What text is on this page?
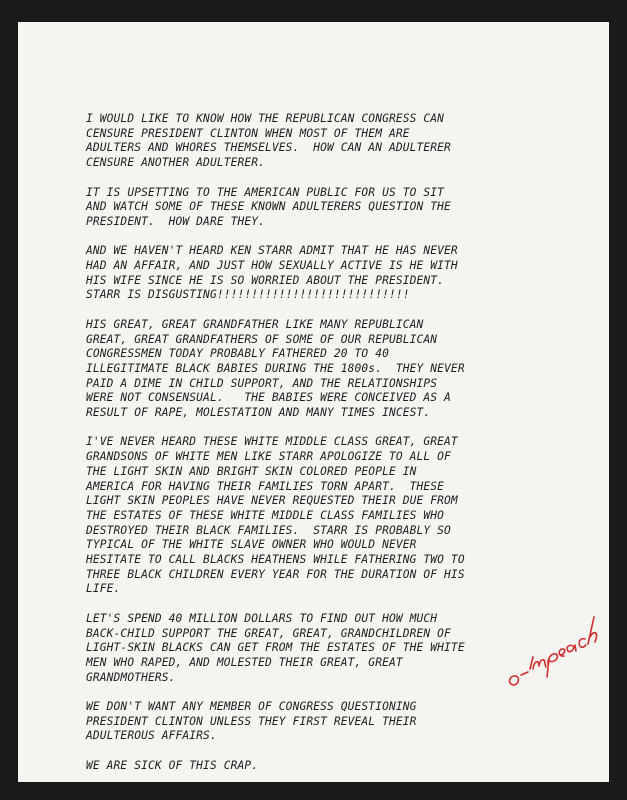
I WOULD LIKE TO KNOW HOW THE REPUBLICAN CONGRESS CAN
CENSURE PRESIDENT CLINTON WHEN MOST OF THEM ARE
ADULTERS AND WHORES THEMSELVES.  HOW CAN AN ADULTERER
CENSURE ANOTHER ADULTERER.
IT IS UPSETTING TO THE AMERICAN PUBLIC FOR US TO SIT
AND WATCH SOME OF THESE KNOWN ADULTERERS QUESTION THE
PRESIDENT.  HOW DARE THEY.
AND WE HAVEN'T HEARD KEN STARR ADMIT THAT HE HAS NEVER
HAD AN AFFAIR, AND JUST HOW SEXUALLY ACTIVE IS HE WITH
HIS WIFE SINCE HE IS SO WORRIED ABOUT THE PRESIDENT.
STARR IS DISGUSTING!!!!!!!!!!!!!!!!!!!!!!!!!!!!
HIS GREAT, GREAT GRANDFATHER LIKE MANY REPUBLICAN
GREAT, GREAT GRANDFATHERS OF SOME OF OUR REPUBLICAN
CONGRESSMEN TODAY PROBABLY FATHERED 20 TO 40
ILLEGITIMATE BLACK BABIES DURING THE 1800s.  THEY NEVER
PAID A DIME IN CHILD SUPPORT, AND THE RELATIONSHIPS
WERE NOT CONSENSUAL.   THE BABIES WERE CONCEIVED AS A
RESULT OF RAPE, MOLESTATION AND MANY TIMES INCEST.
I'VE NEVER HEARD THESE WHITE MIDDLE CLASS GREAT, GREAT
GRANDSONS OF WHITE MEN LIKE STARR APOLOGIZE TO ALL OF
THE LIGHT SKIN AND BRIGHT SKIN COLORED PEOPLE IN
AMERICA FOR HAVING THEIR FAMILIES TORN APART.  THESE
LIGHT SKIN PEOPLES HAVE NEVER REQUESTED THEIR DUE FROM
THE ESTATES OF THESE WHITE MIDDLE CLASS FAMILIES WHO
DESTROYED THEIR BLACK FAMILIES.  STARR IS PROBABLY SO
TYPICAL OF THE WHITE SLAVE OWNER WHO WOULD NEVER
HESITATE TO CALL BLACKS HEATHENS WHILE FATHERING TWO TO
THREE BLACK CHILDREN EVERY YEAR FOR THE DURATION OF HIS
LIFE.
LET'S SPEND 40 MILLION DOLLARS TO FIND OUT HOW MUCH
BACK-CHILD SUPPORT THE GREAT, GREAT, GRANDCHILDREN OF
LIGHT-SKIN BLACKS CAN GET FROM THE ESTATES OF THE WHITE
MEN WHO RAPED, AND MOLESTED THEIR GREAT, GREAT
GRANDMOTHERS.
WE DON'T WANT ANY MEMBER OF CONGRESS QUESTIONING
PRESIDENT CLINTON UNLESS THEY FIRST REVEAL THEIR
ADULTEROUS AFFAIRS.
WE ARE SICK OF THIS CRAP.
